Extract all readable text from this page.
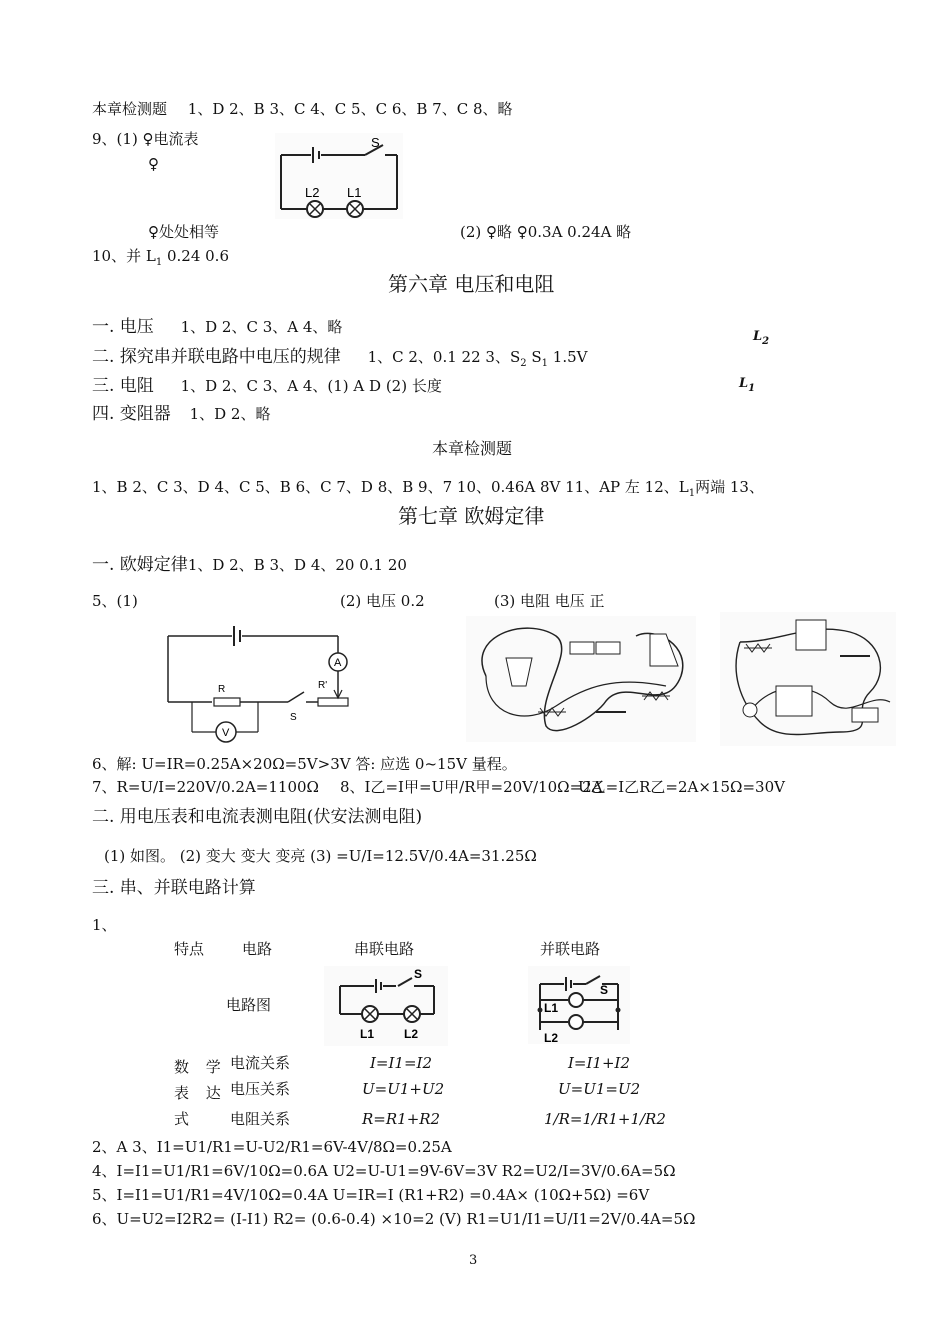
本章检测题 1、D 2、B 3、C 4、C 5、C 6、B 7、C 8、略
9、(1) ♀电流表
♀
S
L2 L1
♀处处相等	(2) ♀略 ♀0.3A 0.24A 略
10、并 $L_1$ 0.24 0.6
第六章 电压和电阻
一. 电压 1、D 2、C 3、A 4、略
二. 探究串并联电路中电压的规律 1、C 2、0.1 22 3、$S_2$ $S_1$ 1.5V
三. 电阻 1、D 2、C 3、A 4、(1) A D (2) 长度
四. 变阻器 1、D 2、略
$L_2$
$L_1$
本章检测题
1、B 2、C 3、D 4、C 5、B 6、C 7、D 8、B 9、7 10、0.46A 8V 11、AP 左 12、$L_1$两端 13、
第七章 欧姆定律
一. 欧姆定律1、D 2、B 3、D 4、20 0.1 20
5、(1)	(2) 电压 0.2	(3) 电阻 电压 正
A
R
S
R'
V
6、解: U=IR=0.25A×20Ω=5V>3V 答: 应选 0~15V 量程。
7、R=U/I=220V/0.2A=1100Ω 8、I乙=I甲=U甲/R甲=20V/10Ω=2A
U乙=I乙R乙=2A×15Ω=30V
二. 用电压表和电流表测电阻(伏安法测电阻)
(1) 如图。 (2) 变大 变大 变亮 (3) =U/I=12.5V/0.4A=31.25Ω
三. 串、并联电路计算
1、
特点	电路	串联电路	并联电路
电路图
S
L1 L2
S
L1
L2
数 学
表 达
式
电流关系	I=I1=I2	I=I1+I2
电压关系	U=U1+U2	U=U1=U2
电阻关系	R=R1+R2	1/R=1/R1+1/R2
2、A 3、I1=U1/R1=U-U2/R1=6V-4V/8Ω=0.25A
4、I=I1=U1/R1=6V/10Ω=0.6A U2=U-U1=9V-6V=3V R2=U2/I=3V/0.6A=5Ω
5、I=I1=U1/R1=4V/10Ω=0.4A U=IR=I (R1+R2) =0.4A× (10Ω+5Ω) =6V
6、U=U2=I2R2= (I-I1) R2= (0.6-0.4) ×10=2 (V) R1=U1/I1=U/I1=2V/0.4A=5Ω
3
